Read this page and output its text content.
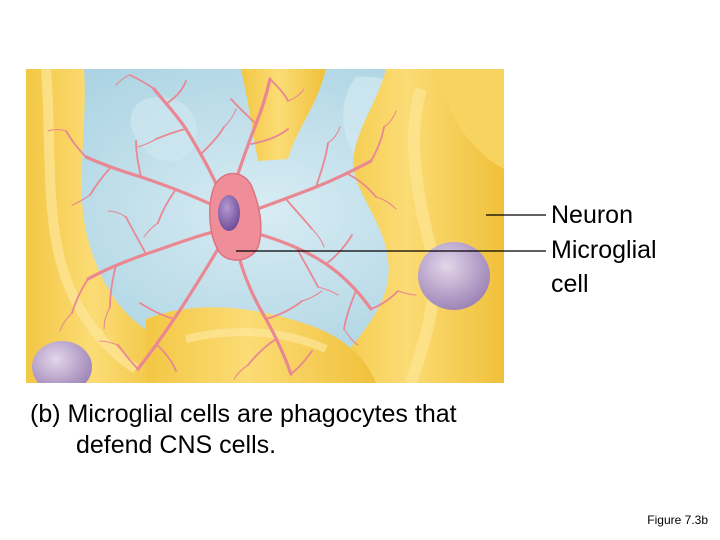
Neuron
Microglial
cell
(b) Microglial cells are phagocytes that
defend CNS cells.
Figure 7.3b
